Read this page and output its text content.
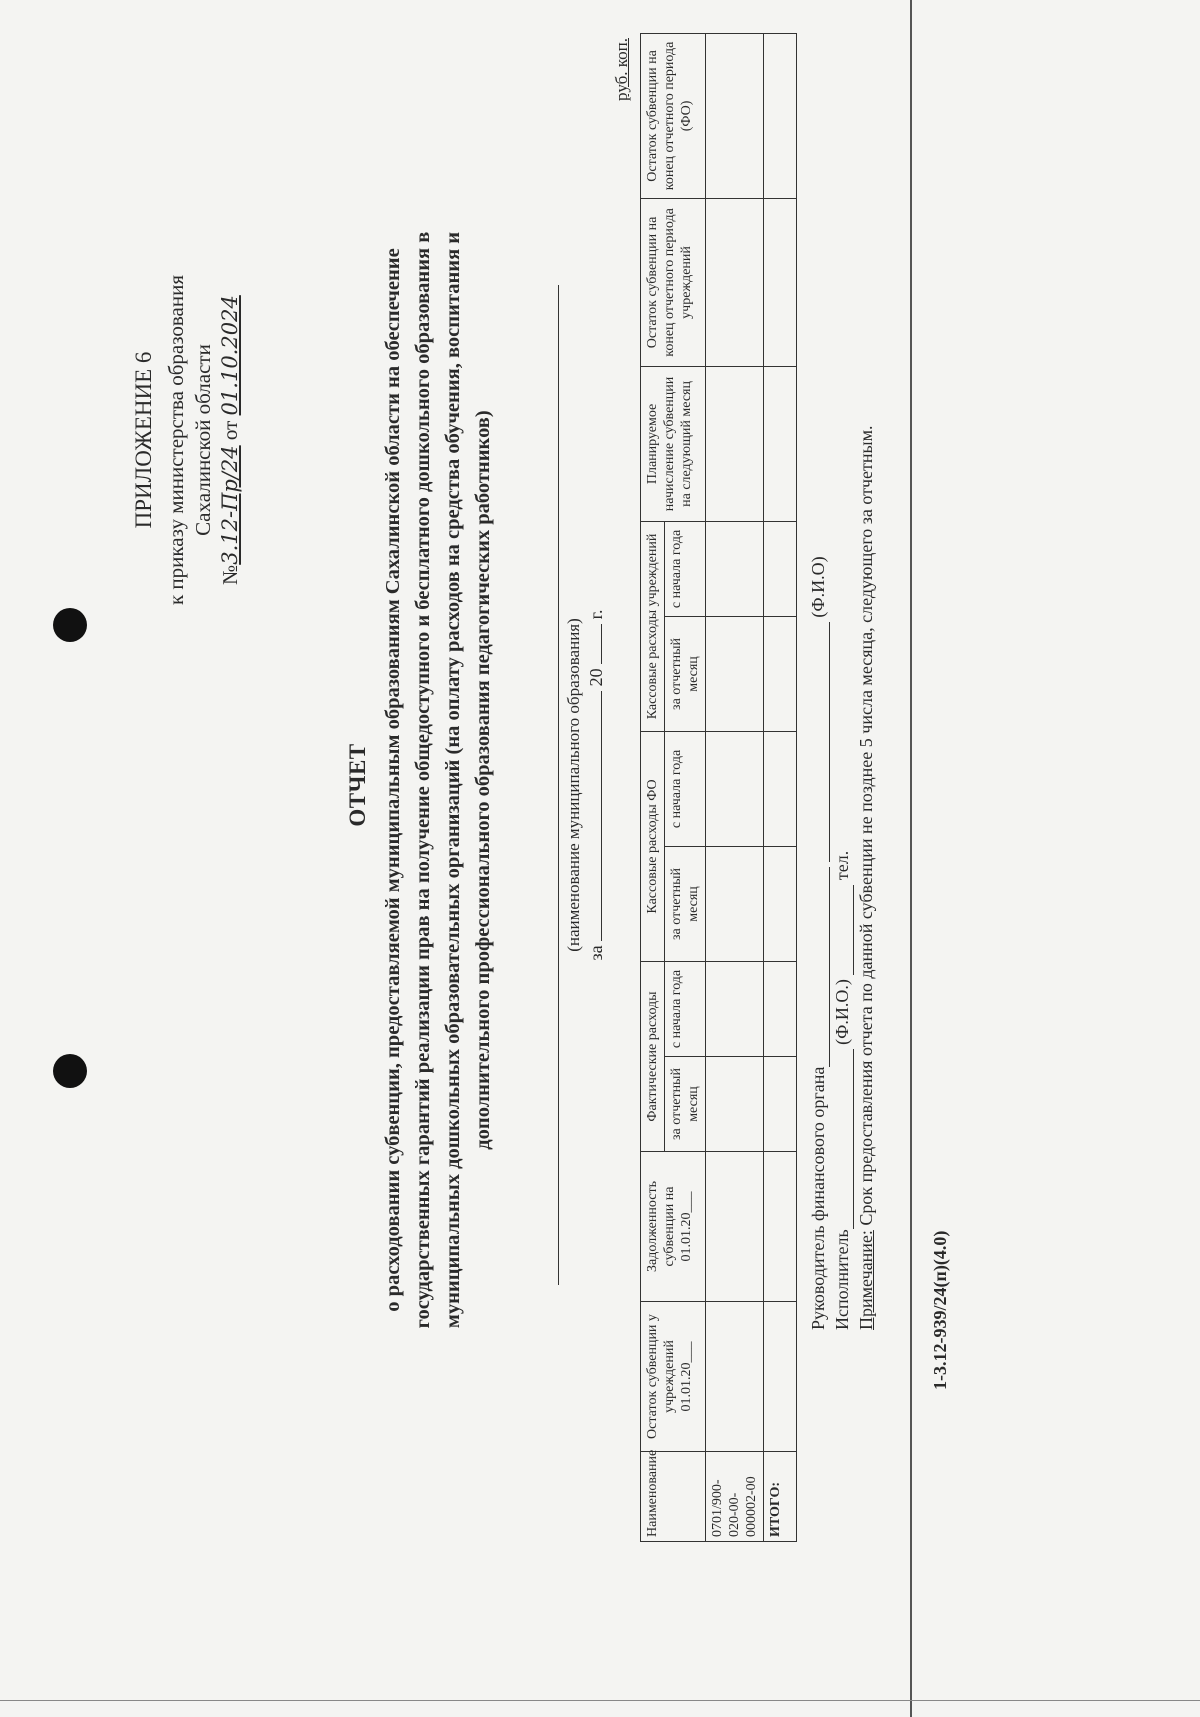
ПРИЛОЖЕНИЕ 6 к приказу министерства образования Сахалинской области
№3.12-Пр/24 от 01.10.2024
ОТЧЕТ о расходовании субвенции, предоставляемой муниципальным образованиям Сахалинской области на обеспечение государственных гарантий реализации прав на получение общедоступного и бесплатного дошкольного образования в муниципальных дошкольных образовательных организаций (на оплату расходов на средства обучения, воспитания и дополнительного профессионального образования педагогических работников)	(наименование муниципального образования)
за  20  г.
руб. коп.
Наименование	Остаток субвенции у учреждений 01.01.20___	Задолженность субвенции на 01.01.20___	Фактические расходы		Кассовые расходы ФО		Кассовые расходы учреждений		Планируемое начисление субвенции на следующий месяц	Остаток субвенции на конец отчетного периода учреждений	Остаток субвенции на конец отчетного периода (ФО)
			за отчетный месяц	с начала года	за отчетный месяц	с начала года	за отчетный месяц	с начала года			
0701/900-020-00-000002-00											
ИТОГО:											
Руководитель финансового органа    (Ф.И.О)
Исполнитель  (Ф.И.О.)   тел.
Примечание: Срок предоставления отчета по данной субвенции не позднее 5 числа месяца, следующего за отчетным.
1-3.12-939/24(п)(4.0)
